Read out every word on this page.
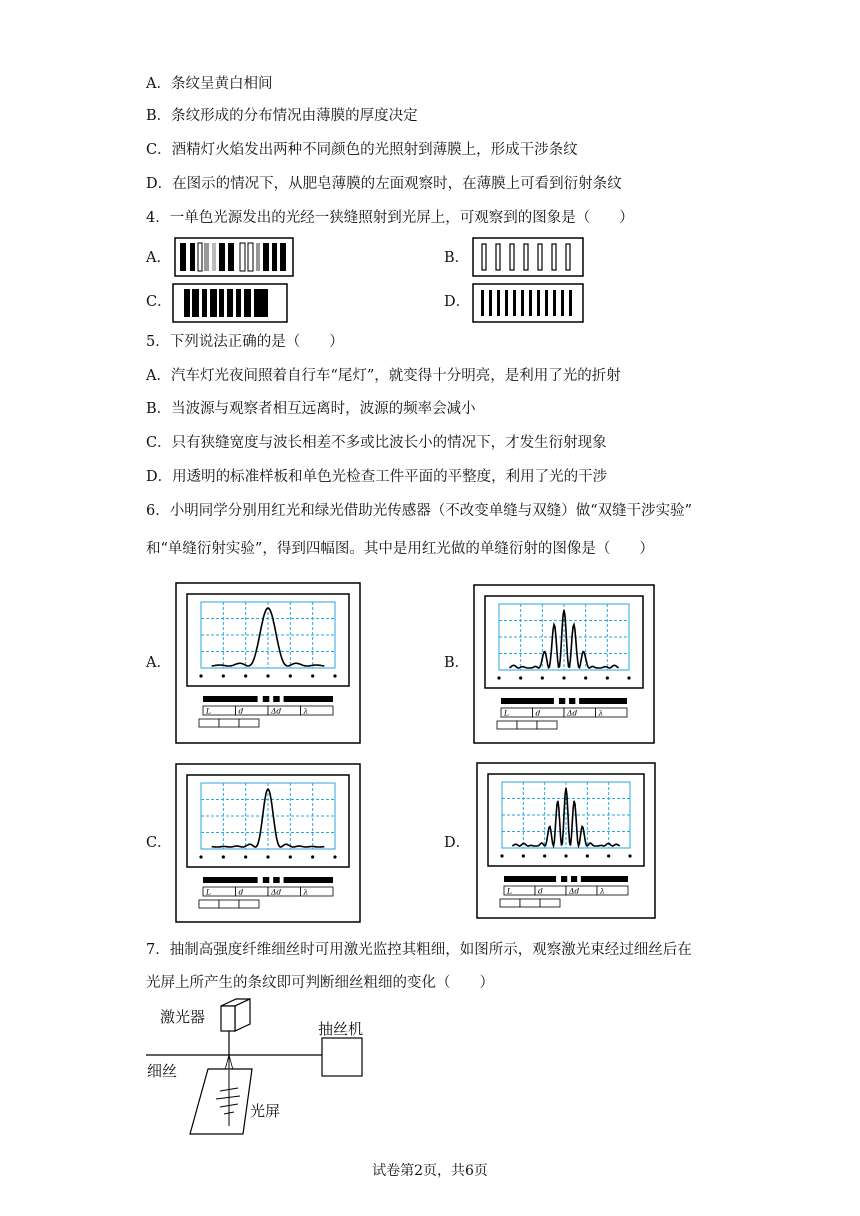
A．条纹呈黄白相间
B．条纹形成的分布情况由薄膜的厚度决定
C．酒精灯火焰发出两种不同颜色的光照射到薄膜上，形成干涉条纹
D．在图示的情况下，从肥皂薄膜的左面观察时，在薄膜上可看到衍射条纹
4．一单色光源发出的光经一狭缝照射到光屏上，可观察到的图象是（　　）
A．	B．
C．	D．
5．下列说法正确的是（　　）
A．汽车灯光夜间照着自行车“尾灯”，就变得十分明亮，是利用了光的折射
B．当波源与观察者相互远离时，波源的频率会减小
C．只有狭缝宽度与波长相差不多或比波长小的情况下，才发生衍射现象
D．用透明的标准样板和单色光检查工件平面的平整度，利用了光的干涉
6．小明同学分别用红光和绿光借助光传感器（不改变单缝与双缝）做“双缝干涉实验”
和“单缝衍射实验”，得到四幅图。其中是用红光做的单缝衍射的图像是（　　）
A．	B．
C．	D．
L	d	Δd	λ	L	d	Δd	λ
L	d	Δd	λ	L	d	Δd	λ
7．抽制高强度纤维细丝时可用激光监控其粗细，如图所示，观察激光束经过细丝后在
光屏上所产生的条纹即可判断细丝粗细的变化（　　）
激光器
抽丝机
细丝
光屏
试卷第2页，共6页
